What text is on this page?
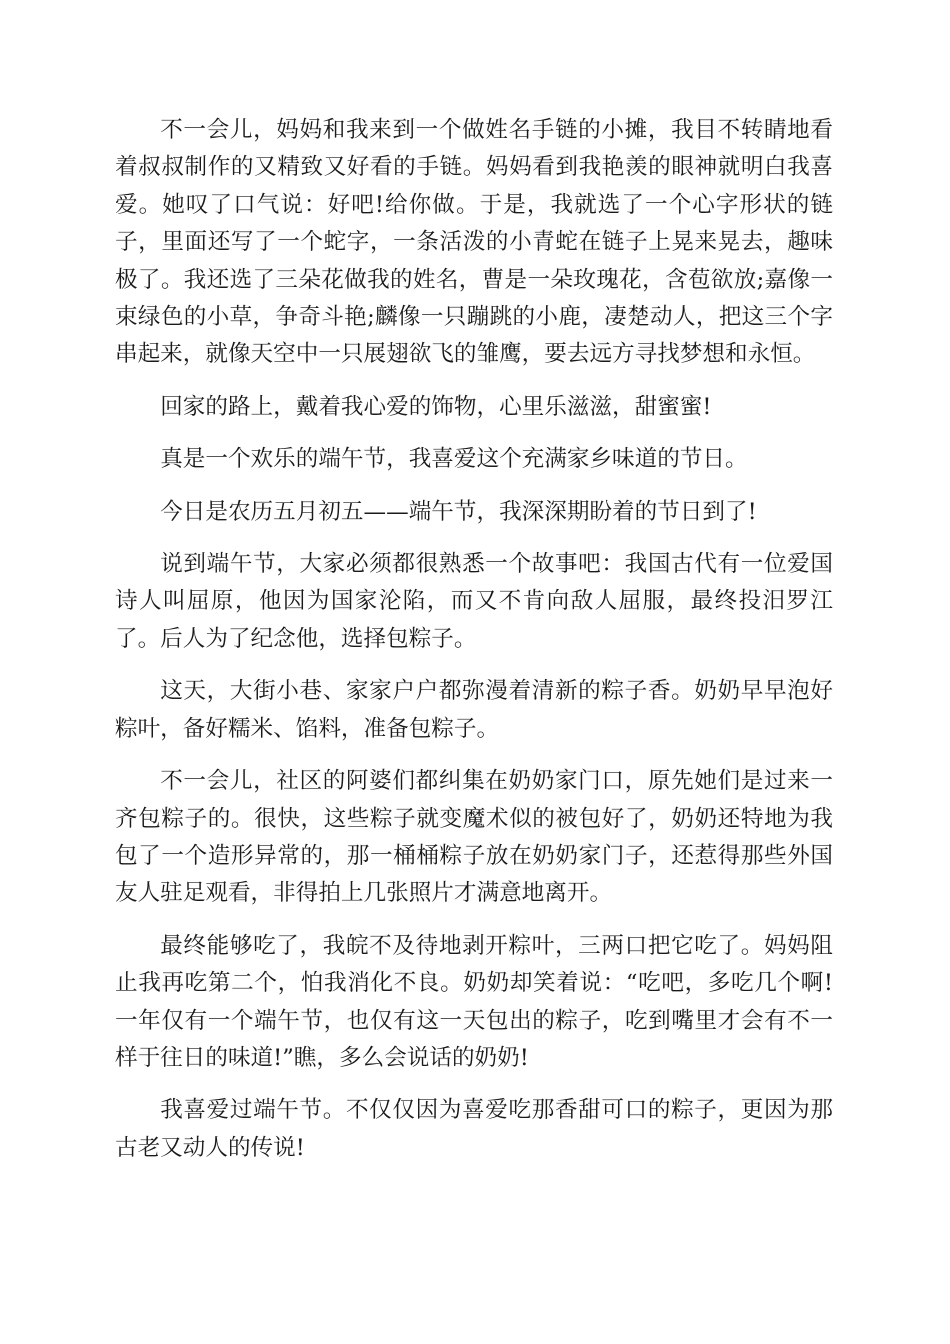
不一会儿，妈妈和我来到一个做姓名手链的小摊，我目不转睛地看着叔叔制作的又精致又好看的手链。妈妈看到我艳羡的眼神就明白我喜爱。她叹了口气说：好吧!给你做。于是，我就选了一个心字形状的链子，里面还写了一个蛇字，一条活泼的小青蛇在链子上晃来晃去，趣味极了。我还选了三朵花做我的姓名，曹是一朵玫瑰花，含苞欲放;嘉像一束绿色的小草，争奇斗艳;麟像一只蹦跳的小鹿，凄楚动人，把这三个字串起来，就像天空中一只展翅欲飞的雏鹰，要去远方寻找梦想和永恒。

回家的路上，戴着我心爱的饰物，心里乐滋滋，甜蜜蜜!

真是一个欢乐的端午节，我喜爱这个充满家乡味道的节日。

今日是农历五月初五——端午节，我深深期盼着的节日到了!

说到端午节，大家必须都很熟悉一个故事吧：我国古代有一位爱国诗人叫屈原，他因为国家沦陷，而又不肯向敌人屈服，最终投汨罗江了。后人为了纪念他，选择包粽子。

这天，大街小巷、家家户户都弥漫着清新的粽子香。奶奶早早泡好粽叶，备好糯米、馅料，准备包粽子。

不一会儿，社区的阿婆们都纠集在奶奶家门口，原先她们是过来一齐包粽子的。很快，这些粽子就变魔术似的被包好了，奶奶还特地为我包了一个造形异常的，那一桶桶粽子放在奶奶家门子，还惹得那些外国友人驻足观看，非得拍上几张照片才满意地离开。

最终能够吃了，我皖不及待地剥开粽叶，三两口把它吃了。妈妈阻止我再吃第二个，怕我消化不良。奶奶却笑着说：“吃吧，多吃几个啊!一年仅有一个端午节，也仅有这一天包出的粽子，吃到嘴里才会有不一样于往日的味道!”瞧，多么会说话的奶奶!

我喜爱过端午节。不仅仅因为喜爱吃那香甜可口的粽子，更因为那古老又动人的传说!
